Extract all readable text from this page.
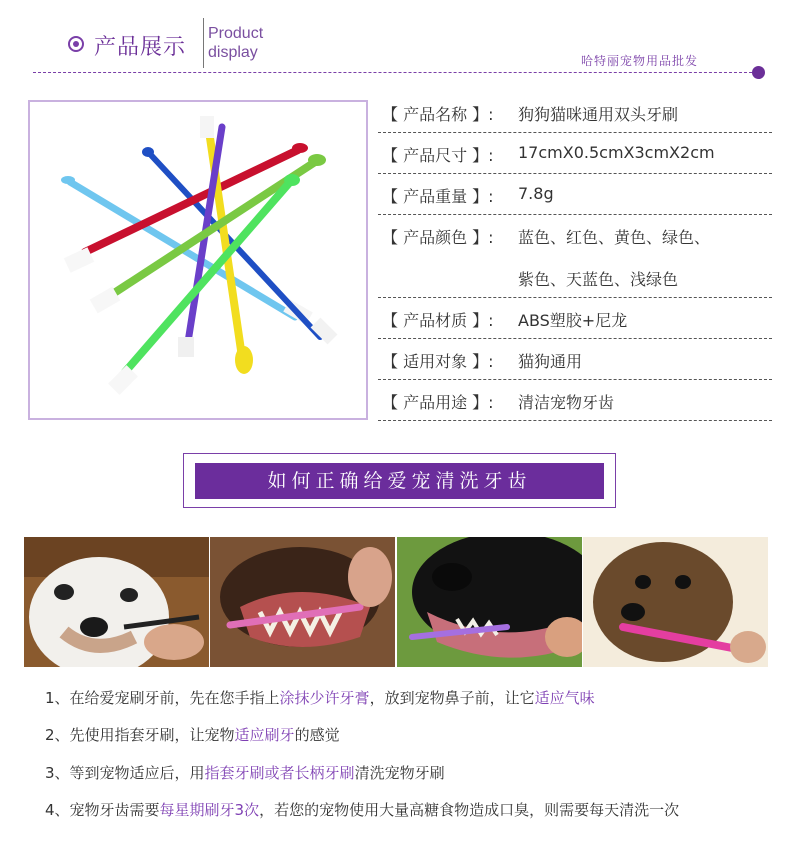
产品展示
Product
display	哈特丽宠物用品批发
【 产品名称 】: 狗狗猫咪通用双头牙刷
【 产品尺寸 】: 17cmX0.5cmX3cmX2cm
【 产品重量 】: 7.8g
【 产品颜色 】: 蓝色、红色、黄色、绿色、
紫色、天蓝色、浅绿色
【 产品材质 】: ABS塑胶+尼龙
【 适用对象 】: 猫狗通用
【 产品用途 】: 清洁宠物牙齿
如何正确给爱宠清洗牙齿
1、在给爱宠刷牙前，先在您手指上涂抹少许牙膏，放到宠物鼻子前，让它适应气味
2、先使用指套牙刷，让宠物适应刷牙的感觉
3、等到宠物适应后，用指套牙刷或者长柄牙刷清洗宠物牙刷
4、宠物牙齿需要每星期刷牙3次，若您的宠物使用大量高糖食物造成口臭，则需要每天清洗一次
